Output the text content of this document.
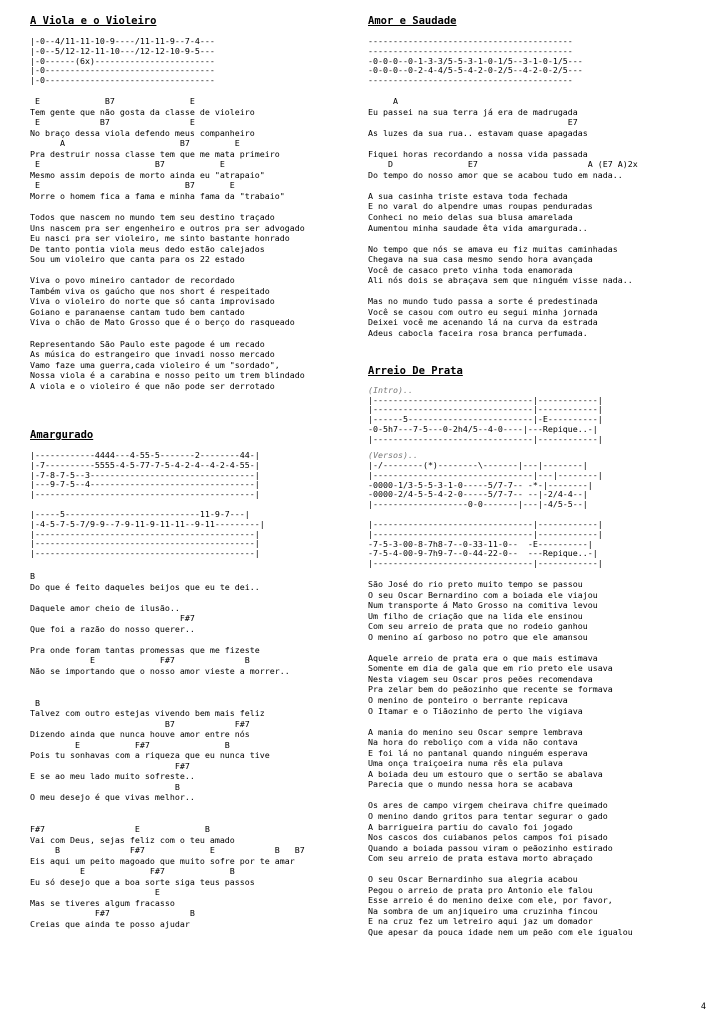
A Viola e o Violeiro
|-0--4/11-11-10-9----/11-11-9--7-4---
|-0--5/12-12-11-10---/12-12-10-9-5---
|-0------(6x)------------------------
|-0----------------------------------
|-0----------------------------------
E             B7               E
Tem gente que não gosta da classe de violeiro
E            B7                E
No braço dessa viola defendo meus companheiro
A                       B7         E
Pra destruir nossa classe tem que me mata primeiro
E                       B7           E
Mesmo assim depois de morto ainda eu "atrapaio"
E                             B7       E
Morre o homem fica a fama e minha fama da "trabaio"

Todos que nascem no mundo tem seu destino traçado
Uns nascem pra ser engenheiro e outros pra ser advogado
Eu nasci pra ser violeiro, me sinto bastante honrado
De tanto pontia viola meus dedo estão calejados
Sou um violeiro que canta para os 22 estado

Viva o povo mineiro cantador de recordado
Também viva os gaúcho que nos short é respeitado
Viva o violeiro do norte que só canta improvisado
Goiano e paranaense cantam tudo bem cantado
Viva o chão de Mato Grosso que é o berço do rasqueado

Representando São Paulo este pagode é um recado
As música do estrangeiro que invadi nosso mercado
Vamo faze uma guerra,cada violeiro é um "sordado",
Nossa viola é a carabina e nosso peito um trem blindado
A viola e o violeiro é que não pode ser derrotado
Amargurado
|------------4444---4-55-5-------2--------44-|
|-7----------5555-4-5-77-7-5-4-2-4--4-2-4-55-|
|-7-8-7-5--3---------------------------------|
|---9-7-5--4---------------------------------|
|--------------------------------------------|
|-----5---------------------------11-9-7---|
|-4-5-7-5-7/9-9--7-9-11-9-11-11--9-11---------|
|--------------------------------------------|
|--------------------------------------------|
|--------------------------------------------|
B
Do que é feito daqueles beijos que eu te dei..

Daquele amor cheio de ilusão..
F#7
Que foi a razão do nosso querer..

Pra onde foram tantas promessas que me fizeste
E             F#7              B
Não se importando que o nosso amor vieste a morrer..

B
Talvez com outro estejas vivendo bem mais feliz
B7            F#7
Dizendo ainda que nunca houve amor entre nós
E           F#7               B
Pois tu sonhavas com a riqueza que eu nunca tive
F#7
E se ao meu lado muito sofreste..
B
O meu desejo é que vivas melhor..

F#7                  E             B
Vai com Deus, sejas feliz com o teu amado
B              F#7             E            B   B7
Eis aqui um peito magoado que muito sofre por te amar
E             F#7             B
Eu só desejo que a boa sorte siga teus passos
E
Mas se tiveres algum fracasso
F#7                B
Creias que ainda te posso ajudar
Amor e Saudade
-----------------------------------------
-----------------------------------------
-0-0-0--0-1-3-3/5-5-3-1-0-1/5--3-1-0-1/5---
-0-0-0--0-2-4-4/5-5-4-2-0-2/5--4-2-0-2/5---
-----------------------------------------
A
Eu passei na sua terra já era de madrugada
E7
As luzes da sua rua.. estavam quase apagadas

Fiquei horas recordando a nossa vida passada
D               E7                      A (E7 A)2x
Do tempo do nosso amor que se acabou tudo em nada..

A sua casinha triste estava toda fechada
E no varal do alpendre umas roupas penduradas
Conheci no meio delas sua blusa amarelada
Aumentou minha saudade êta vida amargurada..

No tempo que nós se amava eu fiz muitas caminhadas
Chegava na sua casa mesmo sendo hora avançada
Você de casaco preto vinha toda enamorada
Ali nós dois se abraçava sem que ninguém visse nada..

Mas no mundo tudo passa a sorte é predestinada
Você se casou com outro eu segui minha jornada
Deixei você me acenando lá na curva da estrada
Adeus cabocla faceira rosa branca perfumada.
Arreio De Prata
(Intro)..
|--------------------------------|------------|
|--------------------------------|------------|
|------5-------------------------|-E----------|
-0-5h7---7-5---0-2h4/5--4-0----|---Repique..-|
|--------------------------------|------------|
(Versos)..
|-/--------(*)--------\-------|---|--------|
|--------------------------------|---|--------|
-0000-1/3-5-5-3-1-0-----5/7-7-- -*-|--------|
-0000-2/4-5-5-4-2-0-----5/7-7-- --|-2/4-4--|
|-------------------0-0-------|---|-4/5-5--|
|--------------------------------|------------|
|--------------------------------|------------|
-7-5-3-00-8-7h8-7--0-33-11-0--  -E----------|
-7-5-4-00-9-7h9-7--0-44-22-0--  ---Repique..-|
|--------------------------------|------------|
São José do rio preto muito tempo se passou
O seu Oscar Bernardino com a boiada ele viajou
Num transporte á Mato Grosso na comitiva levou
Um filho de criação que na lida ele ensinou
Com seu arreio de prata que no rodeio ganhou
O menino aí garboso no potro que ele amansou

Aquele arreio de prata era o que mais estimava
Somente em dia de gala que em rio preto ele usava
Nesta viagem seu Oscar pros peões recomendava
Pra zelar bem do peãozinho que recente se formava
O menino de ponteiro o berrante repicava
O Itamar e o Tiãozinho de perto lhe vigiava

A mania do menino seu Oscar sempre lembrava
Na hora do reboliço com a vida não contava
E foi lá no pantanal quando ninguém esperava
Uma onça traiçoeira numa rês ela pulava
A boiada deu um estouro que o sertão se abalava
Parecia que o mundo nessa hora se acabava

Os ares de campo virgem cheirava chifre queimado
O menino dando gritos para tentar segurar o gado
A barrigueira partiu do cavalo foi jogado
Nos cascos dos cuiabanos pelos campos foi pisado
Quando a boiada passou viram o peãozinho estirado
Com seu arreio de prata estava morto abraçado

O seu Oscar Bernardinho sua alegria acabou
Pegou o arreio de prata pro Antonio ele falou
Esse arreio é do menino deixe com ele, por favor,
Na sombra de um anjiqueiro uma cruzinha fincou
E na cruz fez um letreiro aqui jaz um domador
Que apesar da pouca idade nem um peão com ele igualou
4
